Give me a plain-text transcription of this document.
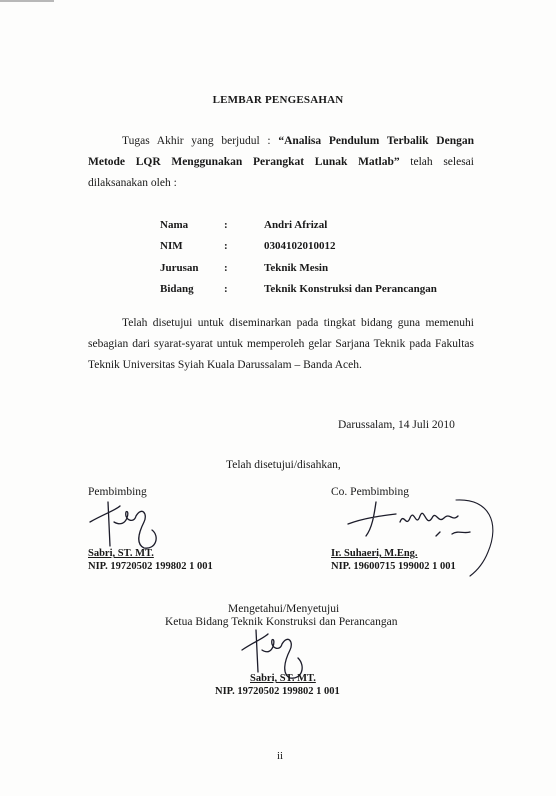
LEMBAR PENGESAHAN
Tugas Akhir yang berjudul : “Analisa Pendulum Terbalik Dengan
Metode LQR Menggunakan Perangkat Lunak Matlab” telah selesai
dilaksanakan oleh :
Nama	:	Andri Afrizal
NIM	:	0304102010012
Jurusan	:	Teknik Mesin
Bidang	:	Teknik Konstruksi dan Perancangan
Telah disetujui untuk diseminarkan pada tingkat bidang guna memenuhi
sebagian dari syarat-syarat untuk memperoleh gelar Sarjana Teknik pada Fakultas
Teknik Universitas Syiah Kuala Darussalam – Banda Aceh.
Darussalam, 14 Juli 2010
Telah disetujui/disahkan,
Pembimbing
Sabri, ST. MT.
NIP. 19720502 199802 1 001
Co. Pembimbing
Ir. Suhaeri, M.Eng.
NIP. 19600715 199002 1 001
Mengetahui/Menyetujui
Ketua Bidang Teknik Konstruksi dan Perancangan
Sabri, ST. MT.
NIP. 19720502 199802 1 001
ii
